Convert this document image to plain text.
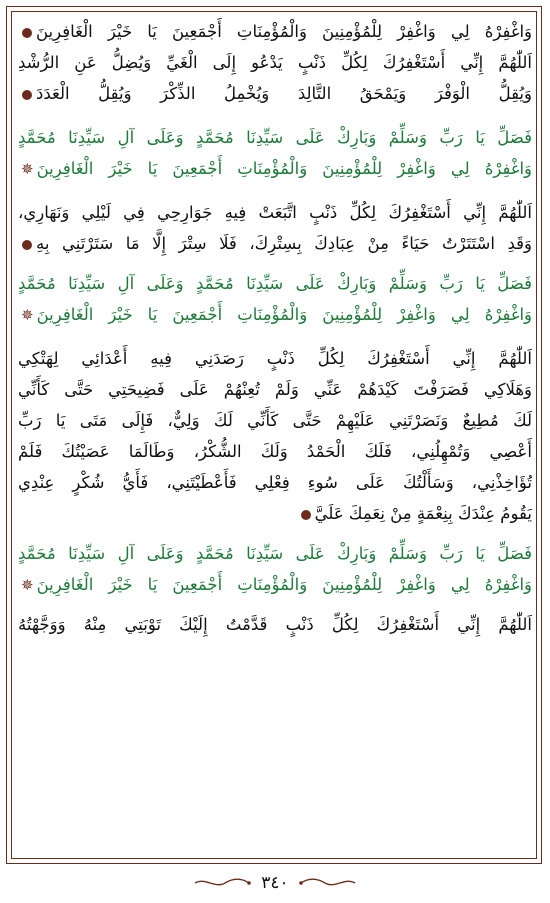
وَاغْفِرْهُ لِي وَاغْفِرْ لِلْمُؤْمِنِينَ وَالْمُؤْمِنَاتِ أَجْمَعِينَ يَا خَيْرَ الْغَافِرِينَ
اَللّٰهُمَّ إِنِّي أَسْتَغْفِرُكَ لِكُلِّ ذَنْبٍ يَدْعُو إِلَى الْغَيِّ وَيُضِلُّ عَنِ الرُّشْدِ
وَيُقِلُّ الْوَفْرَ وَيَمْحَقُ التَّالِدَ وَيُخْمِلُ الذِّكْرَ وَيُقِلُّ الْعَدَدَ
فَصَلِّ يَا رَبِّ وَسَلِّمْ وَبَارِكْ عَلَى سَيِّدِنَا مُحَمَّدٍ وَعَلَى آلِ سَيِّدِنَا مُحَمَّدٍ
وَاغْفِرْهُ لِي وَاغْفِرْ لِلْمُؤْمِنِينَ وَالْمُؤْمِنَاتِ أَجْمَعِينَ يَا خَيْرَ الْغَافِرِينَ✵
اَللّٰهُمَّ إِنِّي أَسْتَغْفِرُكَ لِكُلِّ ذَنْبٍ اتَّبَعَتْ فِيهِ جَوَارِحِي فِي لَيْلِي وَنَهَارِي،
وَقَدِ اسْتَتَرْتُ حَيَاءً مِنْ عِبَادِكَ بِسِتْرِكَ، فَلَا سِتْرَ إِلَّا مَا سَتَرْتَنِي بِهِ
فَصَلِّ يَا رَبِّ وَسَلِّمْ وَبَارِكْ عَلَى سَيِّدِنَا مُحَمَّدٍ وَعَلَى آلِ سَيِّدِنَا مُحَمَّدٍ
وَاغْفِرْهُ لِي وَاغْفِرْ لِلْمُؤْمِنِينَ وَالْمُؤْمِنَاتِ أَجْمَعِينَ يَا خَيْرَ الْغَافِرِينَ✵
اَللّٰهُمَّ إِنِّي أَسْتَغْفِرُكَ لِكُلِّ ذَنْبٍ رَصَدَنِي فِيهِ أَعْدَائِي لِهَتْكِي
وَهَلَاكِي فَصَرَفْتَ كَيْدَهُمْ عَنِّي وَلَمْ تُعِنْهُمْ عَلَى فَضِيحَتِي حَتَّى كَأَنِّي
لَكَ مُطِيعٌ وَنَصَرْتَنِي عَلَيْهِمْ حَتَّى كَأَنِّي لَكَ وَلِيٌّ، فَإِلَى مَتَى يَا رَبِّ
أَعْصِي وَتُمْهِلُنِي، فَلَكَ الْحَمْدُ وَلَكَ الشُّكْرُ، وَطَالَمَا عَصَيْتُكَ فَلَمْ
تُؤَاخِذْنِي، وَسَأَلْتُكَ عَلَى سُوءِ فِعْلِي فَأَعْطَيْتَنِي، فَأَيُّ شُكْرٍ عِنْدِي
يَقُومُ عِنْدَكَ بِنِعْمَةٍ مِنْ نِعَمِكَ عَلَيَّ
فَصَلِّ يَا رَبِّ وَسَلِّمْ وَبَارِكْ عَلَى سَيِّدِنَا مُحَمَّدٍ وَعَلَى آلِ سَيِّدِنَا مُحَمَّدٍ
وَاغْفِرْهُ لِي وَاغْفِرْ لِلْمُؤْمِنِينَ وَالْمُؤْمِنَاتِ أَجْمَعِينَ يَا خَيْرَ الْغَافِرِينَ✵
اَللّٰهُمَّ إِنِّي أَسْتَغْفِرُكَ لِكُلِّ ذَنْبٍ قَدَّمْتُ إِلَيْكَ تَوْبَتِي مِنْهُ وَوَجَّهْتُهُ
٣٤٠
